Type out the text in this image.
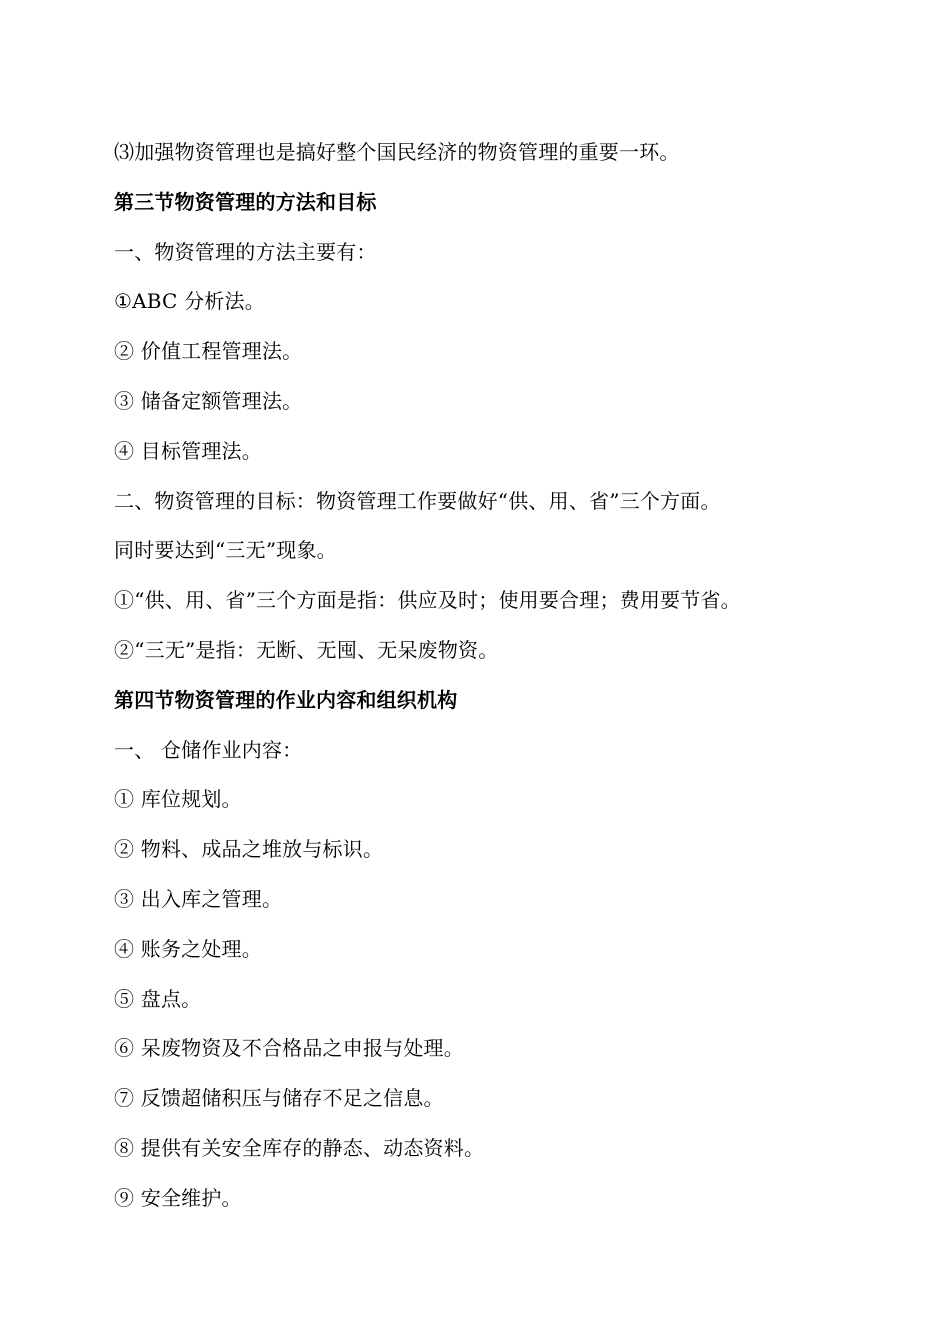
⑶加强物资管理也是搞好整个国民经济的物资管理的重要一环。
第三节物资管理的方法和目标
一、物资管理的方法主要有：
①ABC 分析法。
② 价值工程管理法。
③ 储备定额管理法。
④ 目标管理法。
二、物资管理的目标：物资管理工作要做好“供、用、省”三个方面。
同时要达到“三无”现象。
①“供、用、省”三个方面是指：供应及时；使用要合理；费用要节省。
②“三无”是指：无断、无囤、无呆废物资。
第四节物资管理的作业内容和组织机构
一、 仓储作业内容：
① 库位规划。
② 物料、成品之堆放与标识。
③ 出入库之管理。
④ 账务之处理。
⑤ 盘点。
⑥ 呆废物资及不合格品之申报与处理。
⑦ 反馈超储积压与储存不足之信息。
⑧ 提供有关安全库存的静态、动态资料。
⑨ 安全维护。
